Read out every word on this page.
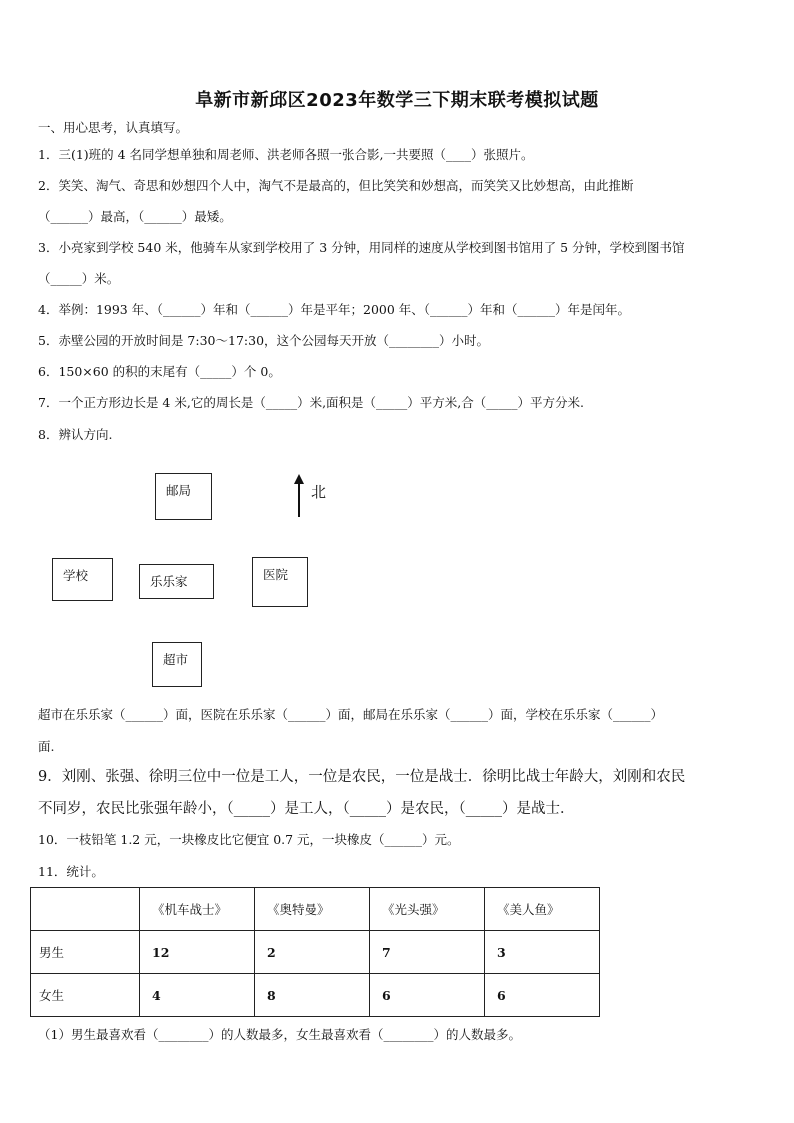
阜新市新邱区2023年数学三下期末联考模拟试题
一、用心思考，认真填写。
1．三(1)班的 4 名同学想单独和周老师、洪老师各照一张合影,一共要照（____）张照片。
2．笑笑、淘气、奇思和妙想四个人中，淘气不是最高的，但比笑笑和妙想高，而笑笑又比妙想高，由此推断
（______）最高，（______）最矮。
3．小亮家到学校 540 米，他骑车从家到学校用了 3 分钟，用同样的速度从学校到图书馆用了 5 分钟，学校到图书馆
（_____）米。
4．举例：1993 年、（______）年和（______）年是平年；2000 年、（______）年和（______）年是闰年。
5．赤壁公园的开放时间是 7:30～17:30，这个公园每天开放（________）小时。
6．150×60 的积的末尾有（_____）个 0。
7．一个正方形边长是 4 米,它的周长是（_____）米,面积是（_____）平方米,合（_____）平方分米.
8．辨认方向.
邮局	北
学校	乐乐家	医院
超市
超市在乐乐家（______）面，医院在乐乐家（______）面，邮局在乐乐家（______）面，学校在乐乐家（______）
面.
9．刘刚、张强、徐明三位中一位是工人，一位是农民，一位是战士．徐明比战士年龄大，刘刚和农民
不同岁，农民比张强年龄小，（_____）是工人，（_____）是农民，（_____）是战士．
10．一枝铅笔 1.2 元，一块橡皮比它便宜 0.7 元，一块橡皮（______）元。
11．统计。
	《机车战士》	《奥特曼》	《光头强》	《美人鱼》
男生	12	2	7	3
女生	4	8	6	6
（1）男生最喜欢看（________）的人数最多，女生最喜欢看（________）的人数最多。
